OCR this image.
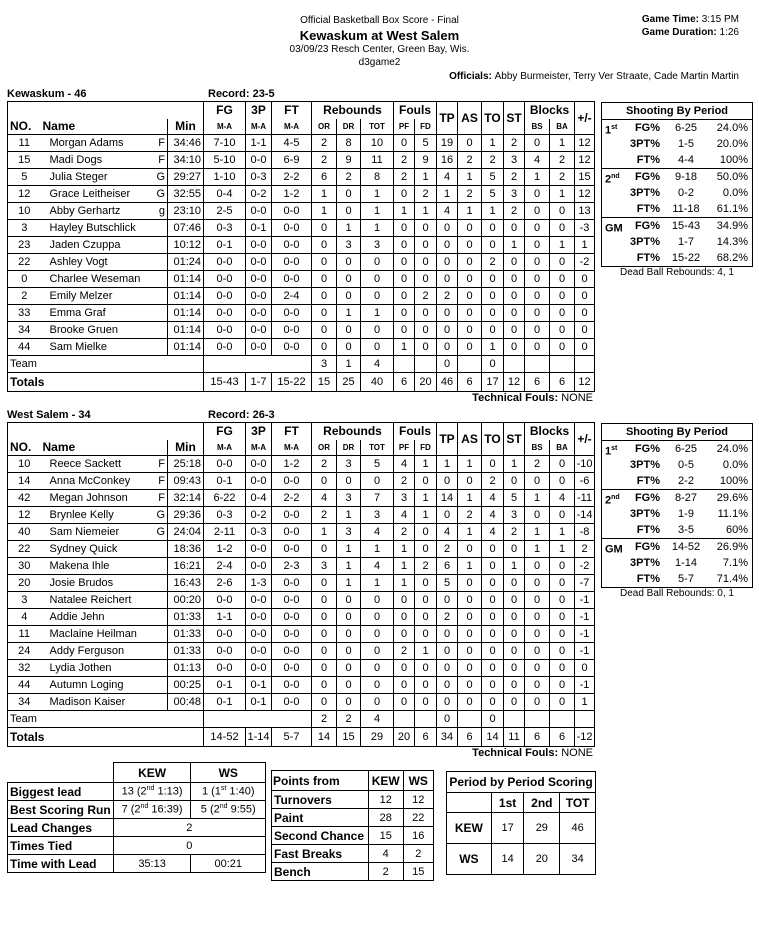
Official Basketball Box Score - Final
Kewaskum at West Salem
03/09/23 Resch Center, Green Bay, Wis.
d3game2
Game Time: 3:15 PM
Game Duration: 1:26
Officials: Abby Burmeister, Terry Ver Straate, Cade Martin Martin
Kewaskum - 46	Record: 23-5
			FG	3P	FT	Rebounds			Fouls		TP	AS	TO	ST	Blocks		+/-
NO.	Name	Min	M-A	M-A	M-A	OR	DR	TOT	PF	FD					BS	BA	
11	Morgan Adams F	34:46	7-10	1-1	4-5	2	8	10	0	5	19	0	1	2	0	1	12
15	Madi Dogs F	34:10	5-10	0-0	6-9	2	9	11	2	9	16	2	2	3	4	2	12
5	Julia Steger G	29:27	1-10	0-3	2-2	6	2	8	2	1	4	1	5	2	1	2	15
12	Grace Leitheiser G	32:55	0-4	0-2	1-2	1	0	1	0	2	1	2	5	3	0	1	12
10	Abby Gerhartz g	23:10	2-5	0-0	0-0	1	0	1	1	1	4	1	1	2	0	0	13
3	Hayley Butschlick	07:46	0-3	0-1	0-0	0	1	1	0	0	0	0	0	0	0	0	-3
23	Jaden Czuppa	10:12	0-1	0-0	0-0	0	3	3	0	0	0	0	0	1	0	1	1
22	Ashley Vogt	01:24	0-0	0-0	0-0	0	0	0	0	0	0	0	2	0	0	0	-2
0	Charlee Weseman	01:14	0-0	0-0	0-0	0	0	0	0	0	0	0	0	0	0	0	0
2	Emily Melzer	01:14	0-0	0-0	2-4	0	0	0	0	2	2	0	0	0	0	0	0
33	Emma Graf	01:14	0-0	0-0	0-0	0	1	1	0	0	0	0	0	0	0	0	0
34	Brooke Gruen	01:14	0-0	0-0	0-0	0	0	0	0	0	0	0	0	0	0	0	0
44	Sam Mielke	01:14	0-0	0-0	0-0	0	0	0	1	0	0	0	1	0	0	0	0
Team						3	1	4			0		0				
Totals			15-43	1-7	15-22	15	25	40	6	20	46	6	17	12	6	6	12
Technical Fouls: NONE
Shooting By Period
1st FG%	6-25	24.0%
3PT%	1-5	20.0%
FT%	4-4	100%
2nd FG%	9-18	50.0%
3PT%	0-2	0.0%
FT%	11-18	61.1%
GM FG%	15-43	34.9%
3PT%	1-7	14.3%
FT%	15-22	68.2%
Dead Ball Rebounds: 4, 1
West Salem - 34	Record: 26-3
			FG	3P	FT	Rebounds			Fouls		TP	AS	TO	ST	Blocks		+/-
NO.	Name	Min	M-A	M-A	M-A	OR	DR	TOT	PF	FD					BS	BA	
10	Reece Sackett F	25:18	0-0	0-0	1-2	2	3	5	4	1	1	1	0	1	2	0	-10
14	Anna McConkey F	09:43	0-1	0-0	0-0	0	0	0	2	0	0	0	2	0	0	0	-6
42	Megan Johnson F	32:14	6-22	0-4	2-2	4	3	7	3	1	14	1	4	5	1	4	-11
12	Brynlee Kelly G	29:36	0-3	0-2	0-0	2	1	3	4	1	0	2	4	3	0	0	-14
40	Sam Niemeier G	24:04	2-11	0-3	0-0	1	3	4	2	0	4	1	4	2	1	1	-8
22	Sydney Quick	18:36	1-2	0-0	0-0	0	1	1	1	0	2	0	0	0	1	1	2
30	Makena Ihle	16:21	2-4	0-0	2-3	3	1	4	1	2	6	1	0	1	0	0	-2
20	Josie Brudos	16:43	2-6	1-3	0-0	0	1	1	1	0	5	0	0	0	0	0	-7
3	Natalee Reichert	00:20	0-0	0-0	0-0	0	0	0	0	0	0	0	0	0	0	0	-1
4	Addie Jehn	01:33	1-1	0-0	0-0	0	0	0	0	0	2	0	0	0	0	0	-1
11	Maclaine Heilman	01:33	0-0	0-0	0-0	0	0	0	0	0	0	0	0	0	0	0	-1
24	Addy Ferguson	01:33	0-0	0-0	0-0	0	0	0	2	1	0	0	0	0	0	0	-1
32	Lydia Jothen	01:13	0-0	0-0	0-0	0	0	0	0	0	0	0	0	0	0	0	0
44	Autumn Loging	00:25	0-1	0-1	0-0	0	0	0	0	0	0	0	0	0	0	0	-1
34	Madison Kaiser	00:48	0-1	0-1	0-0	0	0	0	0	0	0	0	0	0	0	0	1
Team						2	2	4			0		0				
Totals			14-52	1-14	5-7	14	15	29	20	6	34	6	14	11	6	6	-12
Technical Fouls: NONE
Shooting By Period
1st FG%	6-25	24.0%
3PT%	0-5	0.0%
FT%	2-2	100%
2nd FG%	8-27	29.6%
3PT%	1-9	11.1%
FT%	3-5	60%
GM FG%	14-52	26.9%
3PT%	1-14	7.1%
FT%	5-7	71.4%
Dead Ball Rebounds: 0, 1
	KEW	WS
Biggest lead	13 (2nd 1:13)	1 (1st 1:40)
Best Scoring Run	7 (2nd 16:39)	5 (2nd 9:55)
Lead Changes	2	
Times Tied	0	
Time with Lead	35:13	00:21
Points from	KEW	WS
Turnovers	12	12
Paint	28	22
Second Chance	15	16
Fast Breaks	4	2
Bench	2	15
Period by Period Scoring			
	1st	2nd	TOT
KEW	17	29	46
WS	14	20	34
